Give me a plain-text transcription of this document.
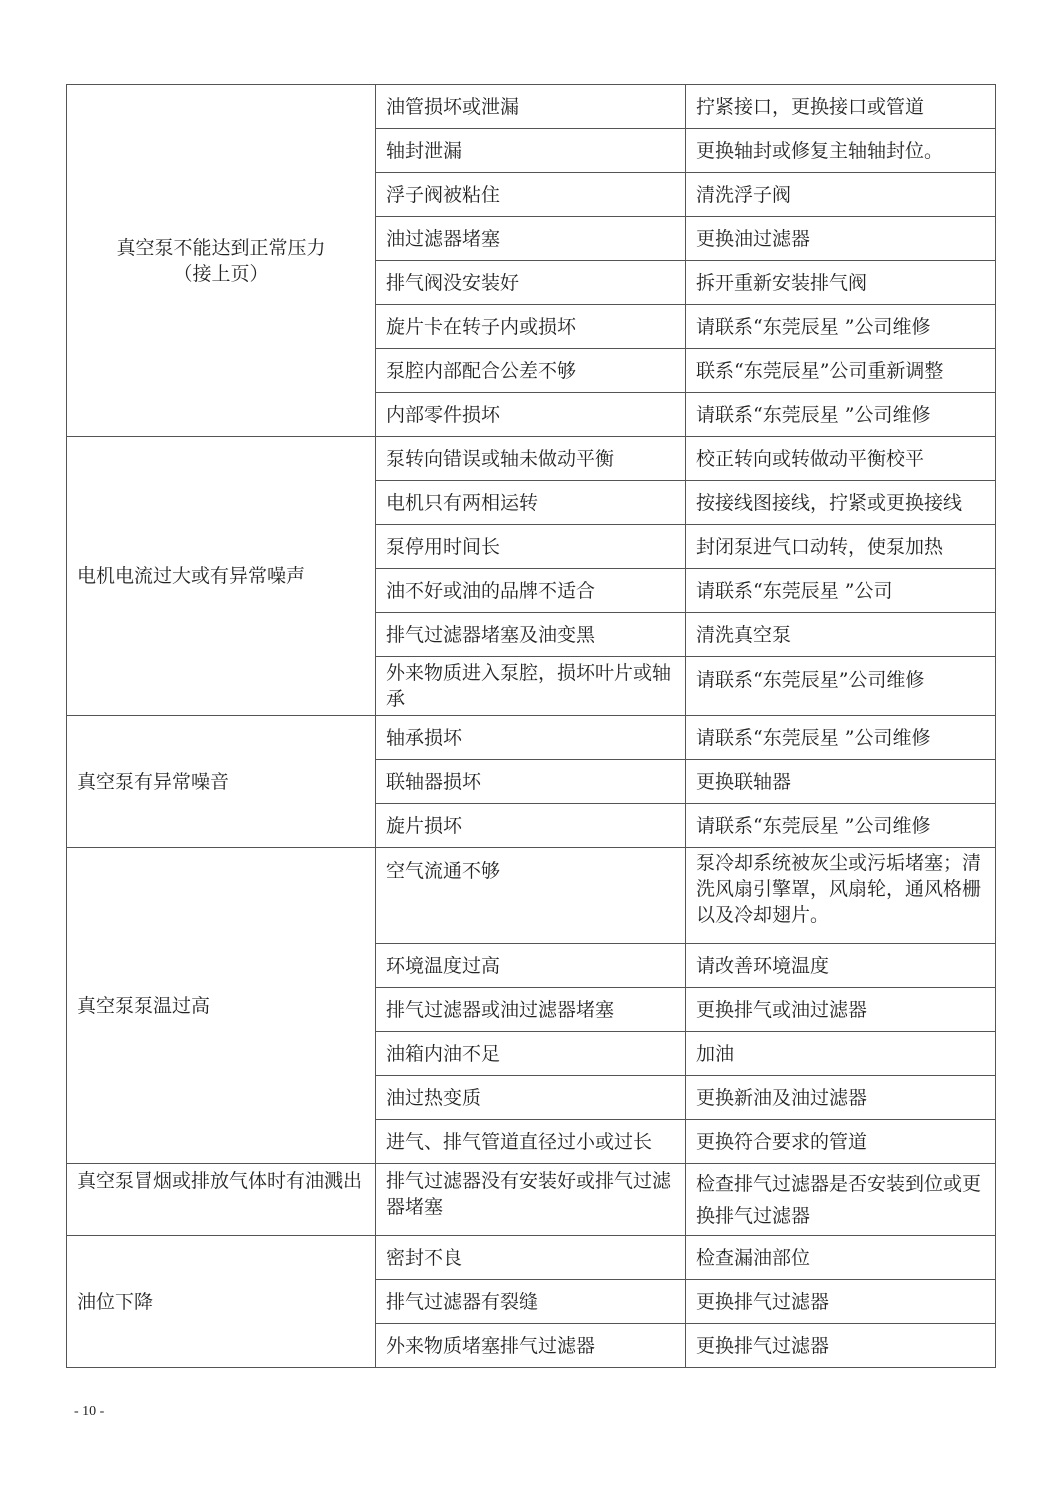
真空泵不能达到正常压力
（接上页）	油管损坏或泄漏	拧紧接口，更换接口或管道
	轴封泄漏	更换轴封或修复主轴轴封位。
	浮子阀被粘住	清洗浮子阀
	油过滤器堵塞	更换油过滤器
	排气阀没安装好	拆开重新安装排气阀
	旋片卡在转子内或损坏	请联系“东莞辰星 ”公司维修
	泵腔内部配合公差不够	联系“东莞辰星”公司重新调整
	内部零件损坏	请联系“东莞辰星 ”公司维修
电机电流过大或有异常噪声	泵转向错误或轴未做动平衡	校正转向或转做动平衡校平
	电机只有两相运转	按接线图接线，拧紧或更换接线
	泵停用时间长	封闭泵进气口动转，使泵加热
	油不好或油的品牌不适合	请联系“东莞辰星 ”公司
	排气过滤器堵塞及油变黑	清洗真空泵
	外来物质进入泵腔，损坏叶片或轴承	请联系“东莞辰星”公司维修
真空泵有异常噪音	轴承损坏	请联系“东莞辰星 ”公司维修
	联轴器损坏	更换联轴器
	旋片损坏	请联系“东莞辰星 ”公司维修
真空泵泵温过高	空气流通不够	泵冷却系统被灰尘或污垢堵塞；清洗风扇引擎罩，风扇轮，通风格栅以及冷却翅片。
	环境温度过高	请改善环境温度
	排气过滤器或油过滤器堵塞	更换排气或油过滤器
	油箱内油不足	加油
	油过热变质	更换新油及油过滤器
	进气、排气管道直径过小或过长	更换符合要求的管道
真空泵冒烟或排放气体时有油溅出	排气过滤器没有安装好或排气过滤器堵塞	检查排气过滤器是否安装到位或更换排气过滤器
油位下降	密封不良	检查漏油部位
	排气过滤器有裂缝	更换排气过滤器
	外来物质堵塞排气过滤器	更换排气过滤器
- 10 -
